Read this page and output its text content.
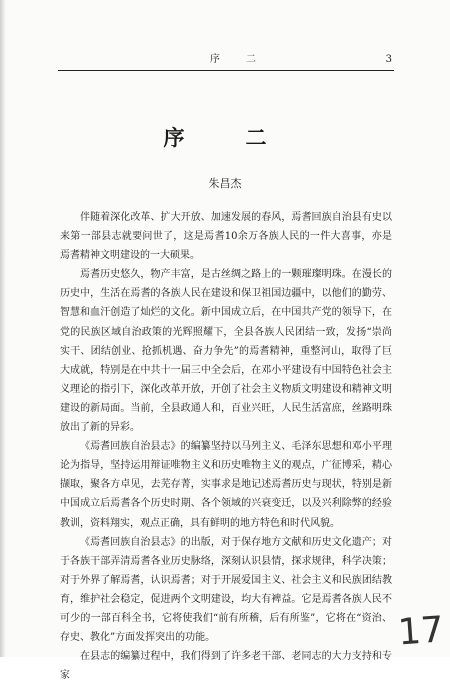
序　二	3
序　二
朱昌杰

伴随着深化改革、扩大开放、加速发展的春风，焉耆回族自治县有史以来第一部县志就要问世了，这是焉耆10余万各族人民的一件大喜事，亦是焉耆精神文明建设的一大硕果。

焉耆历史悠久，物产丰富，是古丝绸之路上的一颗璀璨明珠。在漫长的历史中，生活在焉耆的各族人民在建设和保卫祖国边疆中，以他们的勤劳、智慧和血汗创造了灿烂的文化。新中国成立后，在中国共产党的领导下，在党的民族区域自治政策的光辉照耀下，全县各族人民团结一致，发扬“崇尚实干、团结创业、抢抓机遇、奋力争先”的焉耆精神，重整河山，取得了巨大成就，特别是在中共十一届三中全会后，在邓小平建设有中国特色社会主义理论的指引下，深化改革开放，开创了社会主义物质文明建设和精神文明建设的新局面。当前，全县政通人和，百业兴旺，人民生活富庶，丝路明珠放出了新的异彩。

《焉耆回族自治县志》的编纂坚持以马列主义、毛泽东思想和邓小平理论为指导，坚持运用辩证唯物主义和历史唯物主义的观点，广征博采，精心撷取，聚各方卓见，去芜存菁，实事求是地记述焉耆历史与现状，特别是新中国成立后焉耆各个历史时期、各个领域的兴衰变迁，以及兴利除弊的经验教训，资料翔实，观点正确，具有鲜明的地方特色和时代风貌。

《焉耆回族自治县志》的出版，对于保存地方文献和历史文化遗产；对于各族干部弄清焉耆各业历史脉络，深刻认识县情，探求规律，科学决策；对于外界了解焉耆，认识焉耆；对于开展爱国主义、社会主义和民族团结教育，维护社会稳定，促进两个文明建设，均大有裨益。它是焉耆各族人民不可少的一部百科全书，它将使我们“前有所稽，后有所鉴”，它将在“资治、存史、教化”方面发挥突出的功能。

在县志的编纂过程中，我们得到了许多老干部、老同志的大力支持和专家

17
